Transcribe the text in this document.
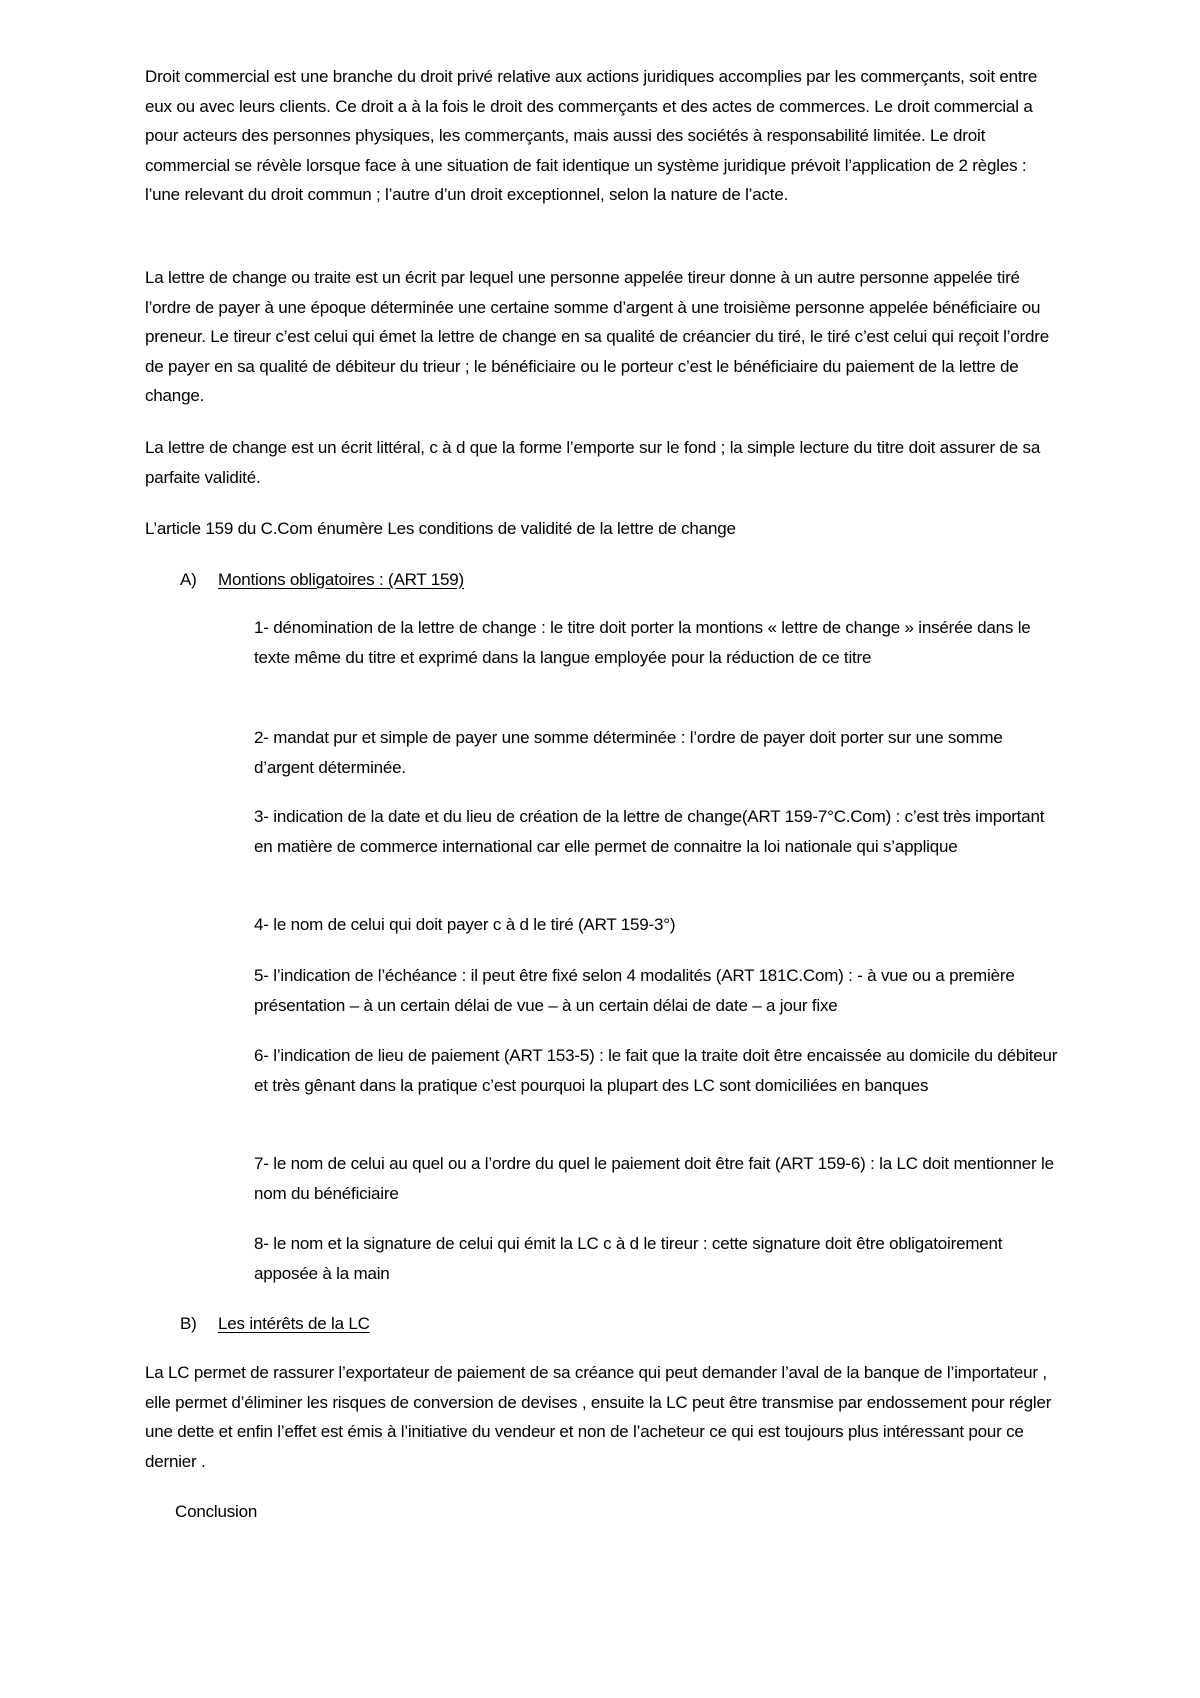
Droit commercial est une branche du droit privé relative aux actions juridiques accomplies par les commerçants, soit entre eux ou avec leurs clients. Ce droit a à la fois le droit des commerçants et des actes de commerces. Le droit commercial a pour acteurs des personnes physiques, les commerçants, mais aussi des sociétés à responsabilité limitée. Le droit commercial se révèle lorsque face à une situation de fait identique un système juridique prévoit l’application de 2 règles : l’une relevant du droit commun ; l’autre d’un droit exceptionnel, selon la nature de l’acte.

La lettre de change ou traite est un écrit par lequel une personne appelée tireur donne à un autre personne appelée tiré l’ordre de payer à une époque déterminée une certaine somme d’argent à une troisième personne appelée bénéficiaire ou preneur. Le tireur c’est celui qui émet la lettre de change en sa qualité de créancier du tiré, le tiré c’est celui qui reçoit l’ordre de payer en sa qualité de débiteur du trieur ; le bénéficiaire ou le porteur c’est le bénéficiaire du paiement de la lettre de change.

La lettre de change est un écrit littéral, c à d que la forme l’emporte sur le fond ; la simple lecture du titre doit assurer de sa parfaite validité.

L’article 159 du C.Com énumère Les conditions de validité de la lettre de change

A)	Montions obligatoires : (ART 159)

1- dénomination de la lettre de change : le titre doit porter la montions « lettre de change » insérée dans le texte même du titre et exprimé dans la langue employée pour la réduction de ce titre

2- mandat pur et simple de payer une somme déterminée : l’ordre de payer doit porter sur une somme d’argent déterminée.

3- indication de la date et du lieu de création de la lettre de change(ART 159-7°C.Com) : c’est très important en matière de commerce international car elle permet de connaitre la loi nationale qui s’applique

4- le nom de celui qui doit payer c à d le tiré (ART 159-3°)

5- l’indication de l’échéance : il peut être fixé selon 4 modalités (ART 181C.Com) : - à vue ou a première présentation – à un certain délai de vue – à un certain délai de date – a jour fixe

6- l’indication de lieu de paiement (ART 153-5) : le fait que la traite doit être encaissée au domicile du débiteur et très gênant dans la pratique c’est pourquoi la plupart des LC sont domiciliées en banques

7- le nom de celui au quel ou a l’ordre du quel le paiement doit être fait (ART 159-6) : la LC doit mentionner le nom du bénéficiaire

8- le nom et la signature de celui qui émit la LC c à d le tireur : cette signature doit être obligatoirement apposée à la main

B)	Les intérêts de la LC

La LC permet de rassurer l’exportateur de paiement de sa créance qui peut demander l’aval de la banque de l’importateur , elle permet d’éliminer les risques de conversion de devises , ensuite la LC peut être transmise par endossement pour régler une dette et enfin l’effet est émis à l’initiative du vendeur et non de l’acheteur ce qui est toujours plus intéressant pour ce dernier .

Conclusion
